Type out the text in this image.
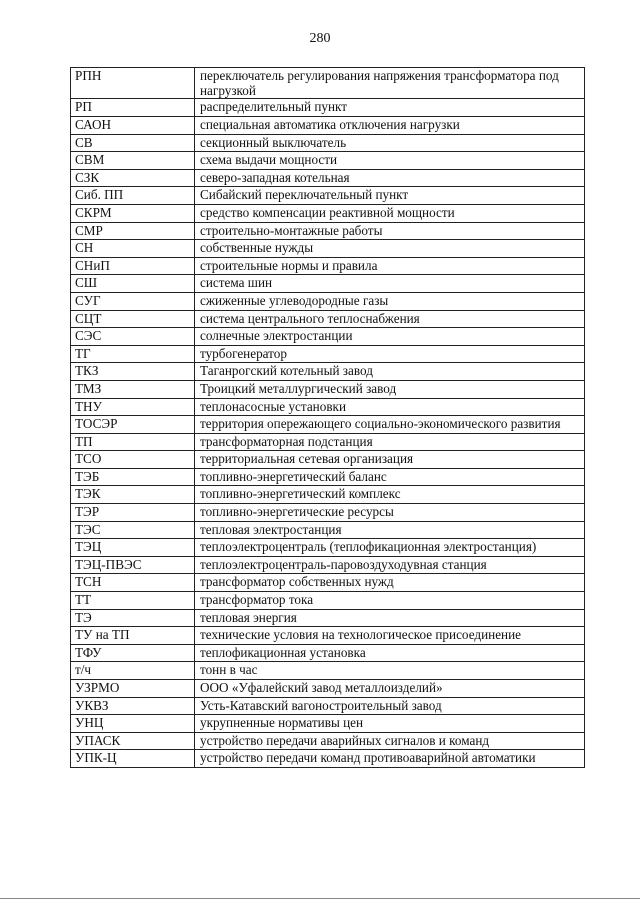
280
РПН	переключатель регулирования напряжения трансформатора под нагрузкой
РП	распределительный пункт
САОН	специальная автоматика отключения нагрузки
СВ	секционный выключатель
СВМ	схема выдачи мощности
СЗК	северо-западная котельная
Сиб. ПП	Сибайский переключательный пункт
СКРМ	средство компенсации реактивной мощности
СМР	строительно-монтажные работы
СН	собственные нужды
СНиП	строительные нормы и правила
СШ	система шин
СУГ	сжиженные углеводородные газы
СЦТ	система центрального теплоснабжения
СЭС	солнечные электростанции
ТГ	турбогенератор
ТКЗ	Таганрогский котельный завод
ТМЗ	Троицкий металлургический завод
ТНУ	теплонасосные установки
ТОСЭР	территория опережающего социально-экономического развития
ТП	трансформаторная подстанция
ТСО	территориальная сетевая организация
ТЭБ	топливно-энергетический баланс
ТЭК	топливно-энергетический комплекс
ТЭР	топливно-энергетические ресурсы
ТЭС	тепловая электростанция
ТЭЦ	теплоэлектроцентраль (теплофикационная электростанция)
ТЭЦ-ПВЭС	теплоэлектроцентраль-паровоздуходувная станция
ТСН	трансформатор собственных нужд
ТТ	трансформатор тока
ТЭ	тепловая энергия
ТУ на ТП	технические условия на технологическое присоединение
ТФУ	теплофикационная установка
т/ч	тонн в час
УЗРМО	ООО «Уфалейский завод металлоизделий»
УКВЗ	Усть-Катавский вагоностроительный завод
УНЦ	укрупненные нормативы цен
УПАСК	устройство передачи аварийных сигналов и команд
УПК-Ц	устройство передачи команд противоаварийной автоматики
